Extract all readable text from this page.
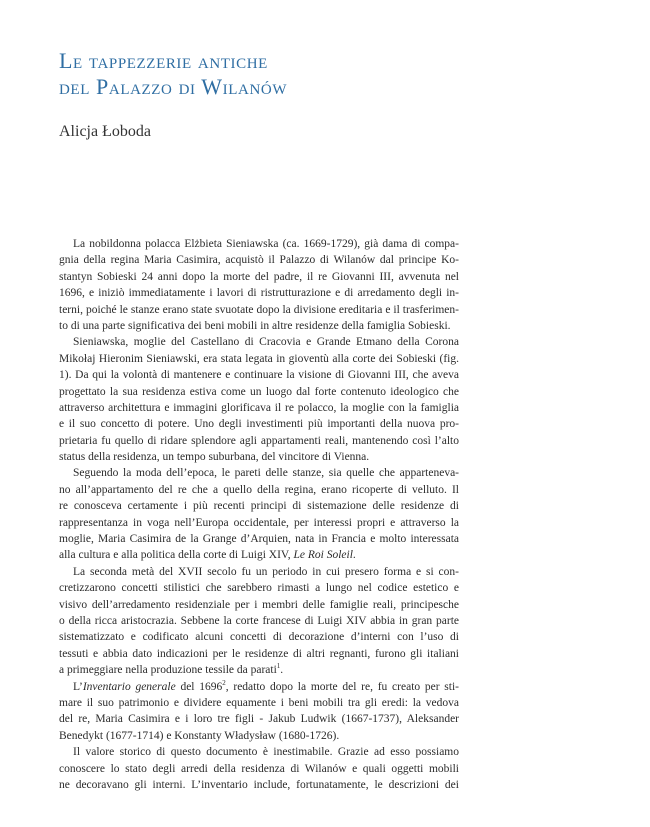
Le tappezzerie antiche
del Palazzo di Wilanów
Alicja Łoboda
La nobildonna polacca Elżbieta Sieniawska (ca. 1669-1729), già dama di compa-
gnia della regina Maria Casimira, acquistò il Palazzo di Wilanów dal principe Ko-
stantyn Sobieski 24 anni dopo la morte del padre, il re Giovanni III, avvenuta nel
1696, e iniziò immediatamente i lavori di ristrutturazione e di arredamento degli in-
terni, poiché le stanze erano state svuotate dopo la divisione ereditaria e il trasferimen-
to di una parte significativa dei beni mobili in altre residenze della famiglia Sobieski.
Sieniawska, moglie del Castellano di Cracovia e Grande Etmano della Corona
Mikołaj Hieronim Sieniawski, era stata legata in gioventù alla corte dei Sobieski (fig.
1). Da qui la volontà di mantenere e continuare la visione di Giovanni III, che aveva
progettato la sua residenza estiva come un luogo dal forte contenuto ideologico che
attraverso architettura e immagini glorificava il re polacco, la moglie con la famiglia
e il suo concetto di potere. Uno degli investimenti più importanti della nuova pro-
prietaria fu quello di ridare splendore agli appartamenti reali, mantenendo così l’alto
status della residenza, un tempo suburbana, del vincitore di Vienna.
Seguendo la moda dell’epoca, le pareti delle stanze, sia quelle che apparteneva-
no all’appartamento del re che a quello della regina, erano ricoperte di velluto. Il
re conosceva certamente i più recenti principi di sistemazione delle residenze di
rappresentanza in voga nell’Europa occidentale, per interessi propri e attraverso la
moglie, Maria Casimira de la Grange d’Arquien, nata in Francia e molto interessata
alla cultura e alla politica della corte di Luigi XIV, Le Roi Soleil.
La seconda metà del XVII secolo fu un periodo in cui presero forma e si con-
cretizzarono concetti stilistici che sarebbero rimasti a lungo nel codice estetico e
visivo dell’arredamento residenziale per i membri delle famiglie reali, principesche
o della ricca aristocrazia. Sebbene la corte francese di Luigi XIV abbia in gran parte
sistematizzato e codificato alcuni concetti di decorazione d’interni con l’uso di
tessuti e abbia dato indicazioni per le residenze di altri regnanti, furono gli italiani
a primeggiare nella produzione tessile da parati$^1$.
L’Inventario generale del 1696$^2$, redatto dopo la morte del re, fu creato per sti-
mare il suo patrimonio e dividere equamente i beni mobili tra gli eredi: la vedova
del re, Maria Casimira e i loro tre figli - Jakub Ludwik (1667-1737), Aleksander
Benedykt (1677-1714) e Konstanty Władysław (1680-1726).
Il valore storico di questo documento è inestimabile. Grazie ad esso possiamo
conoscere lo stato degli arredi della residenza di Wilanów e quali oggetti mobili
ne decoravano gli interni. L’inventario include, fortunatamente, le descrizioni dei
